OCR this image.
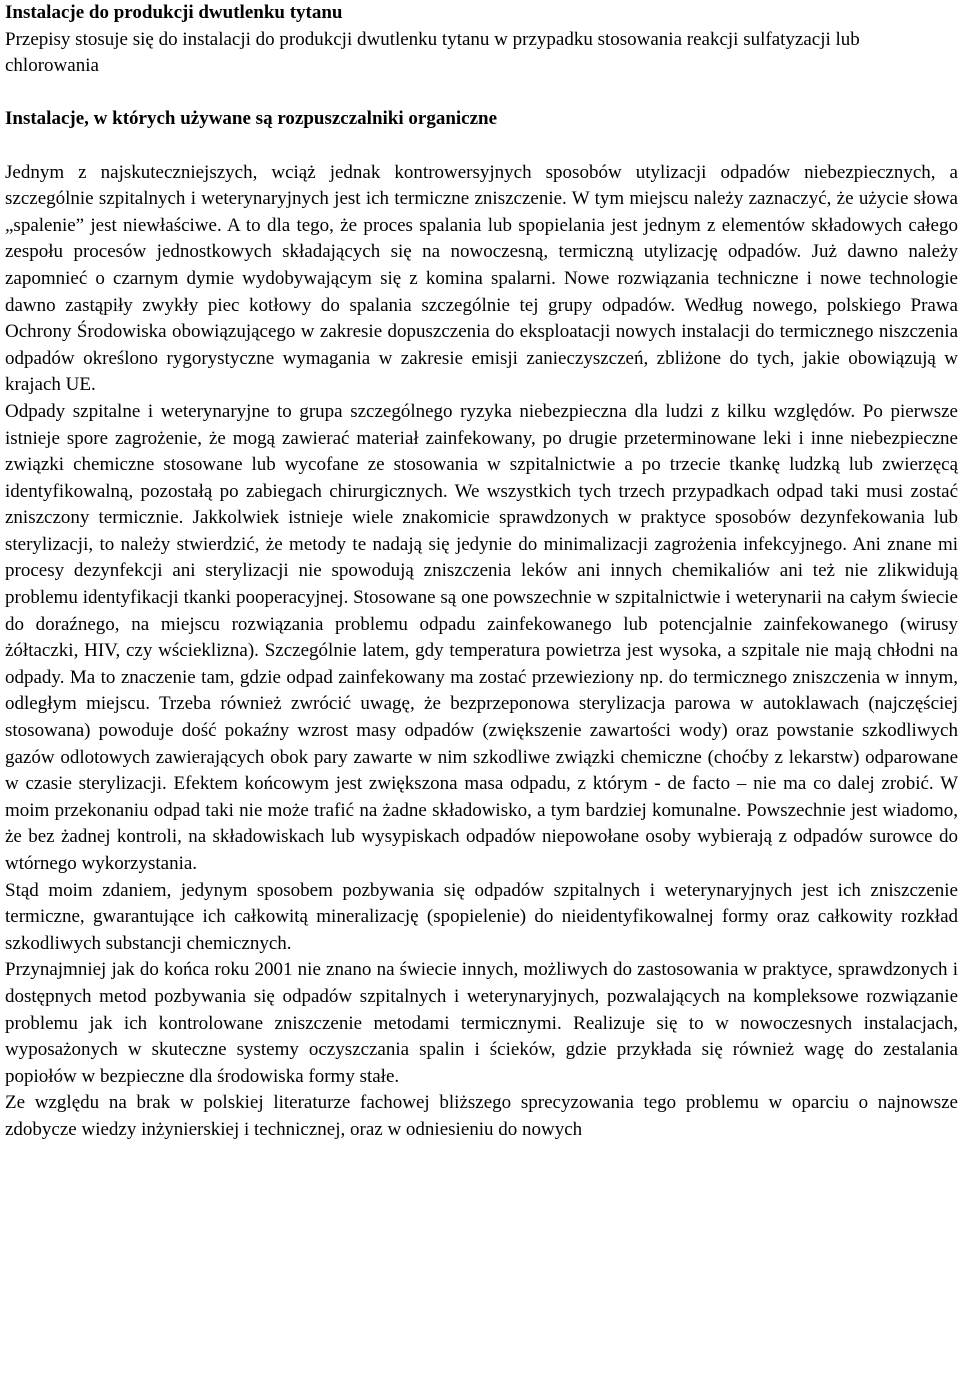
Instalacje do produkcji dwutlenku tytanu

Przepisy stosuje się do instalacji do produkcji dwutlenku tytanu w przypadku stosowania reakcji sulfatyzacji lub chlorowania

Instalacje, w których używane są rozpuszczalniki organiczne

Jednym z najskuteczniejszych, wciąż jednak kontrowersyjnych sposobów utylizacji odpadów niebezpiecznych, a szczególnie szpitalnych i weterynaryjnych jest ich termiczne zniszczenie. W tym miejscu należy zaznaczyć, że użycie słowa „spalenie” jest niewłaściwe. A to dla tego, że proces spalania lub spopielania jest jednym z elementów składowych całego zespołu procesów jednostkowych składających się na nowoczesną, termiczną utylizację odpadów. Już dawno należy zapomnieć o czarnym dymie wydobywającym się z komina spalarni. Nowe rozwiązania techniczne i nowe technologie dawno zastąpiły zwykły piec kotłowy do spalania szczególnie tej grupy odpadów. Według nowego, polskiego Prawa Ochrony Środowiska obowiązującego w zakresie dopuszczenia do eksploatacji nowych instalacji do termicznego niszczenia odpadów określono rygorystyczne wymagania w zakresie emisji zanieczyszczeń, zbliżone do tych, jakie obowiązują w krajach UE.

Odpady szpitalne i weterynaryjne to grupa szczególnego ryzyka niebezpieczna dla ludzi z kilku względów. Po pierwsze istnieje spore zagrożenie, że mogą zawierać materiał zainfekowany, po drugie przeterminowane leki i inne niebezpieczne związki chemiczne stosowane lub wycofane ze stosowania w szpitalnictwie a po trzecie tkankę ludzką lub zwierzęcą identyfikowalną, pozostałą po zabiegach chirurgicznych. We wszystkich tych trzech przypadkach odpad taki musi zostać zniszczony termicznie. Jakkolwiek istnieje wiele znakomicie sprawdzonych w praktyce sposobów dezynfekowania lub sterylizacji, to należy stwierdzić, że metody te nadają się jedynie do minimalizacji zagrożenia infekcyjnego. Ani znane mi procesy dezynfekcji ani sterylizacji nie spowodują zniszczenia leków ani innych chemikaliów ani też nie zlikwidują problemu identyfikacji tkanki pooperacyjnej. Stosowane są one powszechnie w szpitalnictwie i weterynarii na całym świecie do doraźnego, na miejscu rozwiązania problemu odpadu zainfekowanego lub potencjalnie zainfekowanego (wirusy żółtaczki, HIV, czy wścieklizna). Szczególnie latem, gdy temperatura powietrza jest wysoka, a szpitale nie mają chłodni na odpady. Ma to znaczenie tam, gdzie odpad zainfekowany ma zostać przewieziony np. do termicznego zniszczenia w innym, odległym miejscu. Trzeba również zwrócić uwagę, że bezprzeponowa sterylizacja parowa w autoklawach (najczęściej stosowana) powoduje dość pokaźny wzrost masy odpadów (zwiększenie zawartości wody) oraz powstanie szkodliwych gazów odlotowych zawierających obok pary zawarte w nim szkodliwe związki chemiczne (choćby z lekarstw) odparowane w czasie sterylizacji. Efektem końcowym jest zwiększona masa odpadu, z którym - de facto – nie ma co dalej zrobić. W moim przekonaniu odpad taki nie może trafić na żadne składowisko, a tym bardziej komunalne. Powszechnie jest wiadomo, że bez żadnej kontroli, na składowiskach lub wysypiskach odpadów niepowołane osoby wybierają z odpadów surowce do wtórnego wykorzystania.

Stąd moim zdaniem, jedynym sposobem pozbywania się odpadów szpitalnych i weterynaryjnych jest ich zniszczenie termiczne, gwarantujące ich całkowitą mineralizację (spopielenie) do nieidentyfikowalnej formy oraz całkowity rozkład szkodliwych substancji chemicznych.

Przynajmniej jak do końca roku 2001 nie znano na świecie innych, możliwych do zastosowania w praktyce, sprawdzonych i dostępnych metod pozbywania się odpadów szpitalnych i weterynaryjnych, pozwalających na kompleksowe rozwiązanie problemu jak ich kontrolowane zniszczenie metodami termicznymi. Realizuje się to w nowoczesnych instalacjach, wyposażonych w skuteczne systemy oczyszczania spalin i ścieków, gdzie przykłada się również wagę do zestalania popiołów w bezpieczne dla środowiska formy stałe.

Ze względu na brak w polskiej literaturze fachowej bliższego sprecyzowania tego problemu w oparciu o najnowsze zdobycze wiedzy inżynierskiej i technicznej, oraz w odniesieniu do nowych
